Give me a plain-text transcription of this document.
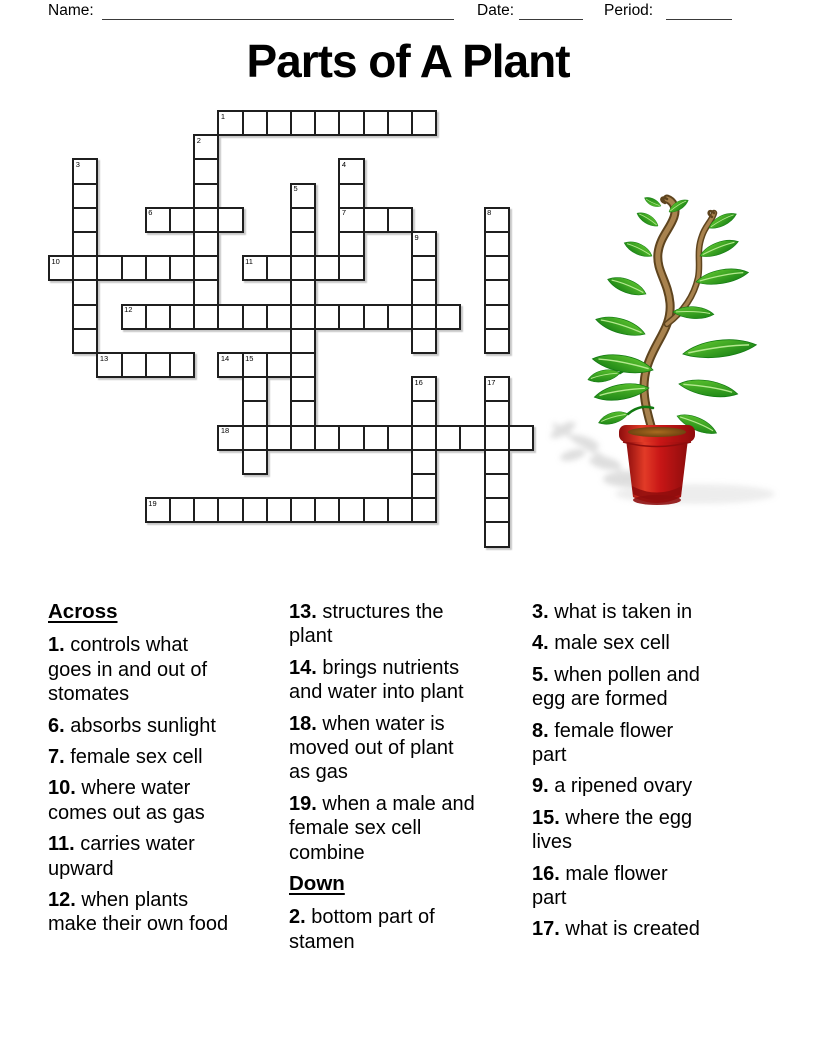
Name:	Date:	Period:
Parts of A Plant
1
2
3	4
7
5
6	8
9
10	11
12
13	14 15
16	17
18
19
Across

1. controls what goes in and out of stomates

6. absorbs sunlight

7. female sex cell

10. where water comes out as gas

11. carries water upward

12. when plants make their own food

13. structures the plant

14. brings nutrients and water into plant

18. when water is moved out of plant as gas

19. when a male and female sex cell combine

Down

2. bottom part of stamen

3. what is taken in

4. male sex cell

5. when pollen and egg are formed

8. female flower part

9. a ripened ovary

15. where the egg lives

16. male flower part

17. what is created
